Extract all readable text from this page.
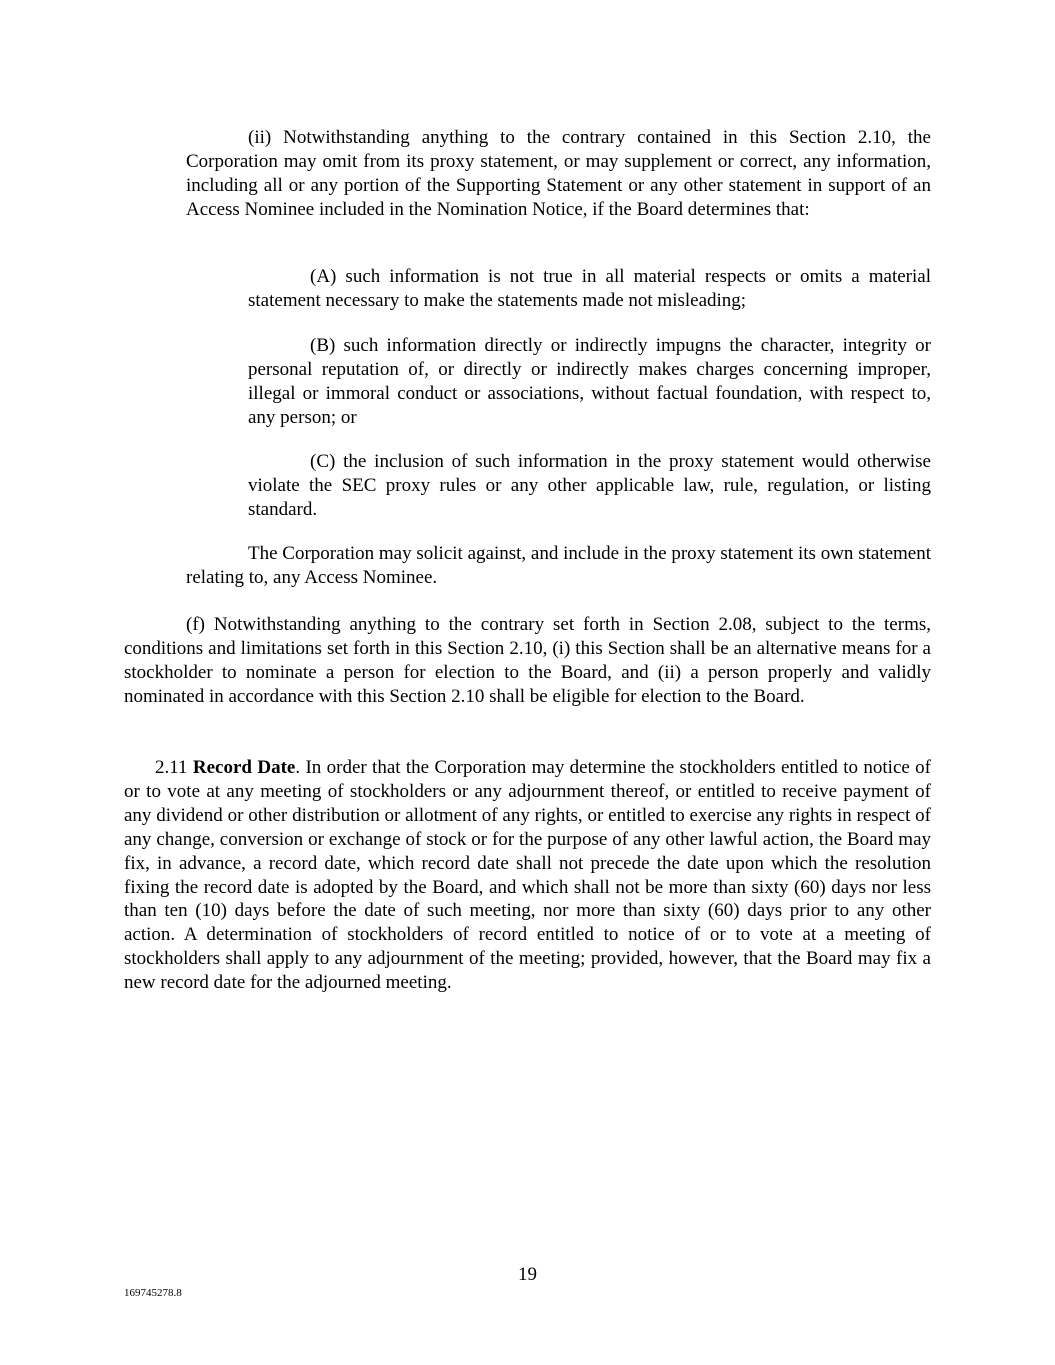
(ii) Notwithstanding anything to the contrary contained in this Section 2.10, the Corporation may omit from its proxy statement, or may supplement or correct, any information, including all or any portion of the Supporting Statement or any other statement in support of an Access Nominee included in the Nomination Notice, if the Board determines that:

(A) such information is not true in all material respects or omits a material statement necessary to make the statements made not misleading;

(B) such information directly or indirectly impugns the character, integrity or personal reputation of, or directly or indirectly makes charges concerning improper, illegal or immoral conduct or associations, without factual foundation, with respect to, any person; or

(C) the inclusion of such information in the proxy statement would otherwise violate the SEC proxy rules or any other applicable law, rule, regulation, or listing standard.

The Corporation may solicit against, and include in the proxy statement its own statement relating to, any Access Nominee.

(f) Notwithstanding anything to the contrary set forth in Section 2.08, subject to the terms, conditions and limitations set forth in this Section 2.10, (i) this Section shall be an alternative means for a stockholder to nominate a person for election to the Board, and (ii) a person properly and validly nominated in accordance with this Section 2.10 shall be eligible for election to the Board.

2.11 Record Date. In order that the Corporation may determine the stockholders entitled to notice of or to vote at any meeting of stockholders or any adjournment thereof, or entitled to receive payment of any dividend or other distribution or allotment of any rights, or entitled to exercise any rights in respect of any change, conversion or exchange of stock or for the purpose of any other lawful action, the Board may fix, in advance, a record date, which record date shall not precede the date upon which the resolution fixing the record date is adopted by the Board, and which shall not be more than sixty (60) days nor less than ten (10) days before the date of such meeting, nor more than sixty (60) days prior to any other action. A determination of stockholders of record entitled to notice of or to vote at a meeting of stockholders shall apply to any adjournment of the meeting; provided, however, that the Board may fix a new record date for the adjourned meeting.

19
169745278.8
